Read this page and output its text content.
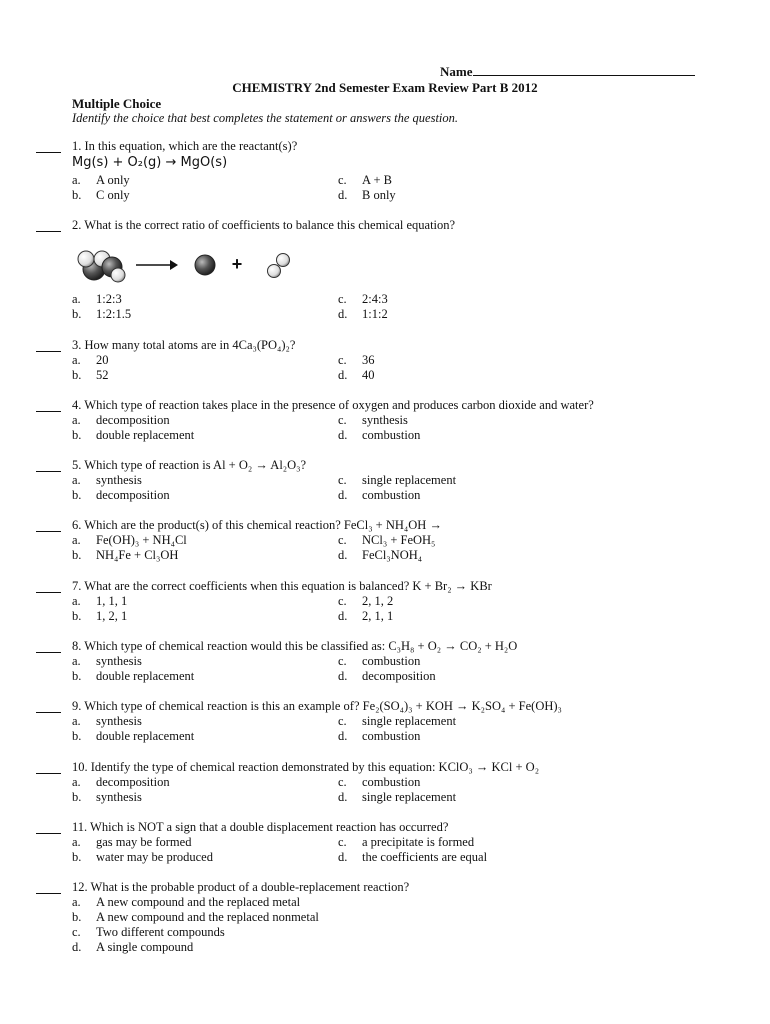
Name
CHEMISTRY 2nd Semester Exam Review Part B 2012
Multiple Choice
Identify the choice that best completes the statement or answers the question.
1. In this equation, which are the reactant(s)?
Mg(s) + O₂(g) → MgO(s)
a.	A only	c.	A + B
b.	C only	d.	B only
2. What is the correct ratio of coefficients to balance this chemical equation?
+
a.	1:2:3	c.	2:4:3
b.	1:2:1.5	d.	1:1:2
3. How many total atoms are in 4Ca₃(PO₄)₂?
a.	20	c.	36
b.	52	d.	40
4. Which type of reaction takes place in the presence of oxygen and produces carbon dioxide and water?
a.	decomposition	c.	synthesis
b.	double replacement	d.	combustion
5. Which type of reaction is Al + O₂ → Al₂O₃?
a.	synthesis	c.	single replacement
b.	decomposition	d.	combustion
6. Which are the product(s) of this chemical reaction? FeCl₃ + NH₄OH →
a.	Fe(OH)₃ + NH₄Cl	c.	NCl₃ + FeOH₅
b.	NH₄Fe + Cl₃OH	d.	FeCl₃NOH₄
7. What are the correct coefficients when this equation is balanced? K + Br₂ → KBr
a.	1, 1, 1	c.	2, 1, 2
b.	1, 2, 1	d.	2, 1, 1
8. Which type of chemical reaction would this be classified as: C₃H₈ + O₂ → CO₂ + H₂O
a.	synthesis	c.	combustion
b.	double replacement	d.	decomposition
9. Which type of chemical reaction is this an example of? Fe₂(SO₄)₃ + KOH → K₂SO₄ + Fe(OH)₃
a.	synthesis	c.	single replacement
b.	double replacement	d.	combustion
10. Identify the type of chemical reaction demonstrated by this equation: KClO₃ → KCl + O₂
a.	decomposition	c.	combustion
b.	synthesis	d.	single replacement
11. Which is NOT a sign that a double displacement reaction has occurred?
a.	gas may be formed	c.	a precipitate is formed
b.	water may be produced	d.	the coefficients are equal
12. What is the probable product of a double-replacement reaction?
a.	A new compound and the replaced metal
b.	A new compound and the replaced nonmetal
c.	Two different compounds
d.	A single compound
